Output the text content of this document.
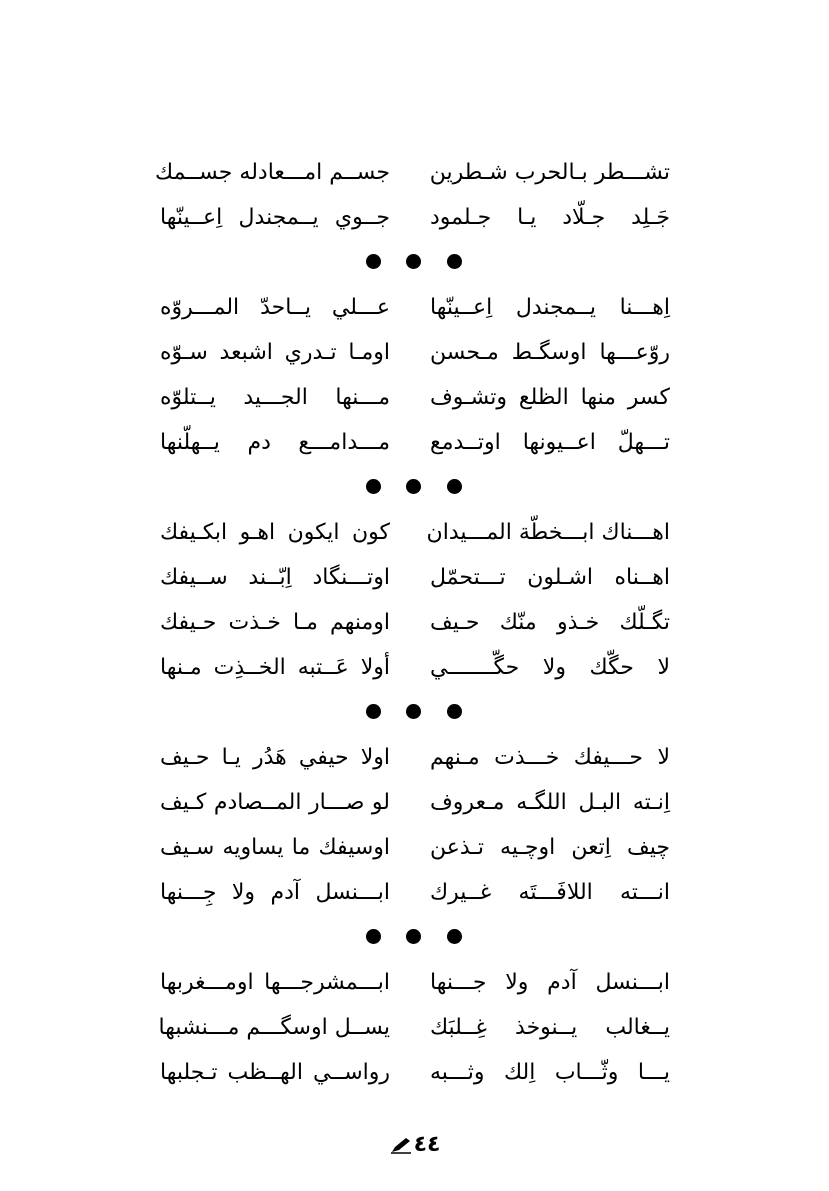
تشـــطر بـالحرب شـطرين
جســم امـــعادله جســمك
جَـلِد جـلّاد يـا جـلمود
جــوي يــمجندل اِعــينّها
اِهـــنا يــمجندل اِعــينّها
عـــلي يــاحدّ المـــروّه
روّعـــها اوسگـط مـحسن
اومـا تـدري اشبعد سـوّه
كسر منها الظلع وتشـوف
مـــنها الجـــيد يــتلوّه
تـــهلّ اعــيونها اوتــدمع
مـــدامـــع دم يــهلّنها
اهـــناك ابـــخطّة المـــيدان
كون ايكون اهـو ابكـيفك
اهــناه اشـلون تـــتحمّل
اوتـــنگاد اِبّــند ســيفك
تگـلّك خـذو منّك حـيف
اومنهم مـا خـذت حـيفك
لا حگّك ولا حگّـــــــي
أولا عَــتبه الخــذِت مـنها
لا حـــيفك خـــذت مـنهم
اولا حيفي هَدُر يـا حـيف
اِنـته البـل اللگـه مـعروف
لو صـــار المــصادم كـيف
چيف اِتعن اوچـيه تـذعن
اوسيفك ما يساويه سـيف
انـــته اللافَـــتَه غــيرك
ابـــنسل آدم ولا جِـــنها
ابـــنسل آدم ولا جـــنها
ابـــمشرجـــها اومـــغربها
يــغالب يــنوخذ غِــلبَك
يســل اوسگـــم مـــنشبها
يـــا وثّـــاب اِلك وثـــبه
رواســي الهــظب تـجلبها
٤٤
